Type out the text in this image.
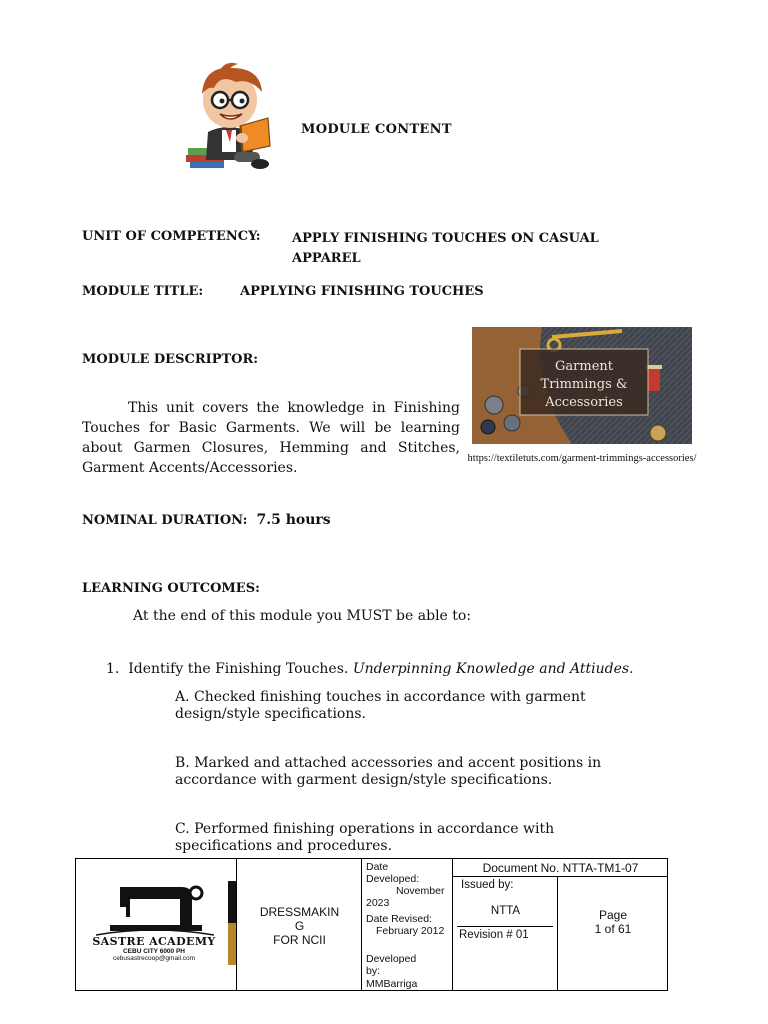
MODULE CONTENT
UNIT OF COMPETENCY: APPLY FINISHING TOUCHES ON CASUAL APPAREL
MODULE TITLE:	APPLYING FINISHING TOUCHES
MODULE DESCRIPTOR:
This unit covers the knowledge in Finishing Touches for Basic Garments. We will be learning about Garmen Closures, Hemming and Stitches, Garment Accents/Accessories.
Garment
Trimmings &
Accessories
https://textiletuts.com/garment-trimmings-accessories/
NOMINAL DURATION: 7.5 hours
LEARNING OUTCOMES:
At the end of this module you MUST be able to:
1. Identify the Finishing Touches. Underpinning Knowledge and Attiudes.
A. Checked finishing touches in accordance with garment design/style specifications.
B. Marked and attached accessories and accent positions in accordance with garment design/style specifications.
C. Performed finishing operations in accordance with specifications and procedures.
SASTRE ACADEMY
CEBU CITY 6000 PH
cebusastrecoop@gmail.com
DRESSMAKIN
G
FOR NCII
Date Developed:
November 2023
Date Revised:
February 2012
Developed by:
MMBarriga
Document No. NTTA-TM1-07
Issued by:
NTTA
Revision # 01
Page
1 of 61
